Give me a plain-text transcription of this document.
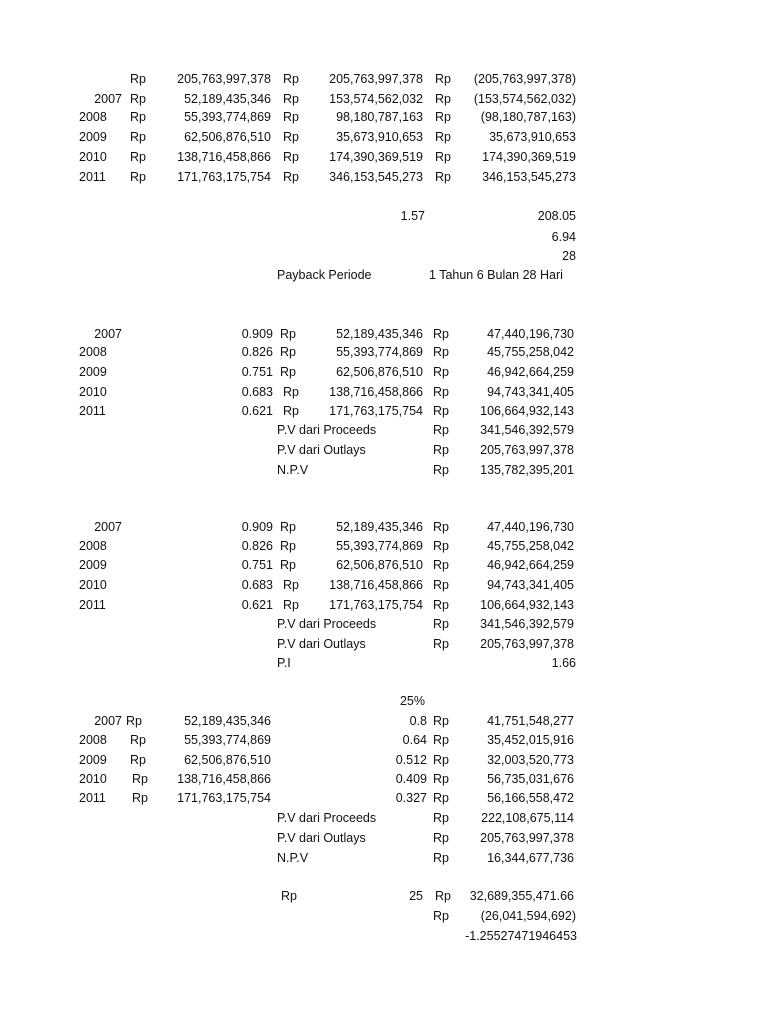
Rp 205,763,997,378 Rp 205,763,997,378 Rp (205,763,997,378)
2007 Rp	52,189,435,346 Rp 153,574,562,032 Rp (153,574,562,032)
2008 Rp	55,393,774,869 Rp	98,180,787,163 Rp (98,180,787,163)
2009 Rp	62,506,876,510 Rp	35,673,910,653 Rp	35,673,910,653
2010 Rp 138,716,458,866 Rp 174,390,369,519 Rp 174,390,369,519
2011 Rp 171,763,175,754 Rp 346,153,545,273 Rp 346,153,545,273
1.57	208.05
6.94
28
Payback Periode	1 Tahun 6 Bulan 28 Hari
2007	0.909 Rp	52,189,435,346 Rp	47,440,196,730
2008	0.826 Rp	55,393,774,869 Rp	45,755,258,042
2009	0.751 Rp	62,506,876,510 Rp	46,942,664,259
2010	0.683 Rp 138,716,458,866 Rp	94,743,341,405
2011	0.621 Rp 171,763,175,754 Rp 106,664,932,143
P.V dari Proceeds	Rp 341,546,392,579
P.V dari Outlays	Rp 205,763,997,378
N.P.V	Rp 135,782,395,201
2007	0.909 Rp	52,189,435,346 Rp	47,440,196,730
2008	0.826 Rp	55,393,774,869 Rp	45,755,258,042
2009	0.751 Rp	62,506,876,510 Rp	46,942,664,259
2010	0.683 Rp 138,716,458,866 Rp	94,743,341,405
2011	0.621 Rp 171,763,175,754 Rp 106,664,932,143
P.V dari Proceeds	Rp 341,546,392,579
P.V dari Outlays	Rp 205,763,997,378
P.I	1.66
25%
2007 Rp	52,189,435,346	0.8 Rp	41,751,548,277
2008 Rp	55,393,774,869	0.64 Rp	35,452,015,916
2009 Rp	62,506,876,510	0.512 Rp	32,003,520,773
2010 Rp 138,716,458,866	0.409 Rp	56,735,031,676
2011 Rp 171,763,175,754	0.327 Rp	56,166,558,472
P.V dari Proceeds	Rp	222,108,675,114
P.V dari Outlays	Rp 205,763,997,378
N.P.V	Rp	16,344,677,736
Rp	25 Rp 32,689,355,471.66
Rp	(26,041,594,692)
-1.25527471946453
